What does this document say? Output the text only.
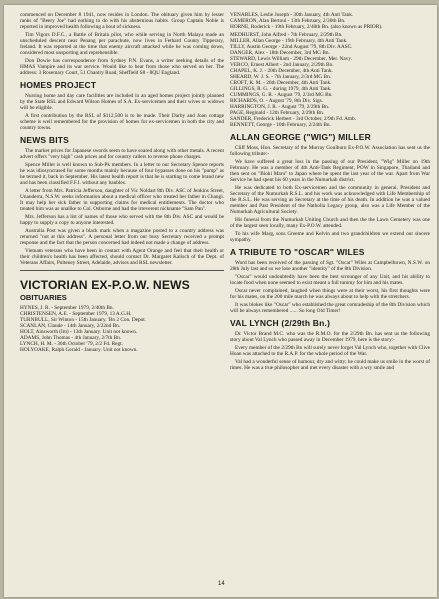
commenced on December 8 1941, now resides in London. The obituary given him by lesser ranks of "Beery Joe" had nothing to do with his abstemious habits. Group Captain Noble is reported in improved health following a bout of sickness.

Tim Vigors D.F.C., a Battle of Britain pilot, who while serving in North Malaya made an unscheduled descent near Penang per parachute, now lives in Fethard County Tipperary, Ireland. It was reported at the time that enemy aircraft attacked while he was coming down, considered most unsporting and reprehensible.

Don Dowie has correspondence from Sydney P.N. Evans, a writer seeking details of the HMAS Vampire and its war service. Would like to hear from those who served on her. The address: 3 Rosemary Court, 51 Chantry Road, Sheffield S8 - 8QU England.

HOMES PROJECT

Nursing home and day care facilities are included in an aged homes project jointly planned by the State RSL and Edward Wilson Homes of S.A. Ex-servicemen and their wives or widows will be eligible.

A first contribution by the RSL of $112,500 is to be made. Their Darby and Joan cottage scheme is well remembered for the provision of homes for ex-servicemen in both the city and country towns.

NEWS BITS

The market prices for Japanese swords seem to have soared along with other metals. A recent advert offers "very high" cash prices and for country callers to reverse phone charges.

Spence Miller is well known to Sub-Pk members. In a letter to our Secretary Spence reports he was idiosyncrased for some months mainly because of four bypasses done on his "pump" as he termed it, back in September. His latest health report is that he is starting to come brand new and has been classified F.F.I. without any baubles.

A letter from Mrs. Patricia Jefferson, daughter of Vic Noldart 8th Div. ASC of Jenkins Street, Unanderra, N.S.W. seeks information about a medical officer who treated her father in Changi. It may help her sick father in supporting claims for medical entitlements. The doctor who treated him was as unalike to Col. Osborne and had the irreverent nickname "Sam Pan".

Mrs. Jefferson has a list of names of those who served with the 8th Div. ASC and would be happy to supply a copy to anyone interested.

Australia Post was given a black mark when a magazine posted to a country address was returned "not at this address". A personal letter from our busy Secretary received a prompt response and the fact that the person concerned had indeed not made a change of address.

Vietnam veterans who have been in contact with Agent Orange and feel that their health or their children's health has been affected, should contact Dr. Margaret Kalisch of the Dept. of Veterans Affairs, Pulteney Street, Adelaide, advises and RSL newsletter.

VICTORIAN EX-P.O.W. NEWS
OBITUARIES
HYNES, J. R. - September 1979, 2/40th Bn.
CHRISTENSEN, A.E. - September 1979, 13 A.G.H.
TURNBULL, Sir Winton - 15th January. 'Bn 2 Con. Depot.
SCANLAN, Claude - 14th January, 2/22nd Bn.
HOLT, Ainsworth (Im) - 13th January. Unit not known.
ADAMS, John Thomas - 4th January, 2/7th Bn.
LYNCH, H. M. - 30th October '79, 2/2 Fd. Regt.
HOLYOAKE, Ralph Gerald - January. Unit not known.
VENABLES, Leslie Joseph - 30th January, 4th Anti Tank.
CAMERON, Alan Bertoul - 13th February, 2/30th Bn.

HORNE, Roderick - 19th February, 2/40th Bn. (also known as PRIOR).

MEDHURST, John Alfred - 7th February, 2/29th Bn.
MILLER, Allan George - 19th February, 4th Anti Tank.
TILLY, Austin George - 22nd August '79, 8th Div. AASC.
DANGER, Alex - 18th December, 3rd MG Bn.
STEWARD, Lewis William - 29th December, Mer. Navy.
VERCO, Ernest Albert - 2nd January, 2/29th Bn.
CHAPEL, K. J. - 20th December, 4th Anti Tank.
SHEARD, W. J. S. - 7th January, 2/3rd MG Bn.
CROFT, K. M. - 26th December, 4th Anti Tank.
GILLINGS, R. G. - during 1979, 4th Anti Tank.
CUMMINGS, G. R. - August '79, 2/3rd MG Bn.
RICHARDS, O. - August '79, 8th Div. Sigs.
HARRINGTON, J. R. - August '79, 2/29th Bn.
PAGE, Reginald - 12th February, 2/29th Bn.
SANDER, Frederick Herbert - 3rd October, 2/9th Fd. Amb.
BENNETT, George - 10th February, 2/24th Bn.
ALLAN GEORGE ("WIG") MILLER

Cliff Moss, Hon. Secretary of the Murray Goulburn Ex-P.O.W. Association has sent us the following tribute:-

We have suffered a great loss in the passing of our President, "Wig" Miller on 19th February. He was a member of 4th Anti-Tank Regiment, POW in Singapore, Thailand and then sent on "Bioki Maru" to Japan where he spent the last year of the war. Apart from War Service he had spent his 60 years in the Numurkah district.

He was dedicated to both Ex-servicemen and the community in general. President and Secretary of the Numurkah R.S.L. and his work was acknowledged with Life Membership of the R.S.L. He was serving as Secretary at the time of his death. In addition he was a valued member and Past President of the Natholia Legacy group, also was a Life Member of the Numurkah Agricultural Society.

His funeral from the Numurkah Uniting Church and then the the Lawn Cemetery was one of the largest seen locally, many Ex-P.O.W. attended.

To his wife Marg, sons Greeme and Kelvin and two grandchildren we extend our sincere sympathy.

A TRIBUTE TO "OSCAR" WILES

Word has been received of the passing of Sgt. "Oscar" Wiles at Campbelltown, N.S.W. on 28th July last and so we lose another "identity" of the 8th Division.

"Oscar" would undoubtedly have been the best scrounger of any Unit, and his ability to locate food when none seemed to exist meant a full tummy for him and his mates.

Oscar never complained, laughed when things were at their worst, his first thoughts were for his mates, on the 200 mile march he was always about to help with the stretchers.

It was blokes like "Oscar" who established the great comradeship of the 8th Division which will be always remembered ...... So long Old Timer!

VAL LYNCH (2/29th Bn.)

Dr. Victor Brand M.C. who was the R.M.O. for the 2/29th Bn. has sent us the following story about Val Lynch who passed away in December 1979, here is the story:-

Every member of the 2/29th Bn will surely never forget Val Lynch who, together with Clive Hoan was attached to the R.A.P. for the whole period of the War.

Val had a wonderful sense of humour, dry and witty; he could make us smile in the worst of times. He was a true philosopher and met every disaster with a wry smile and

14
